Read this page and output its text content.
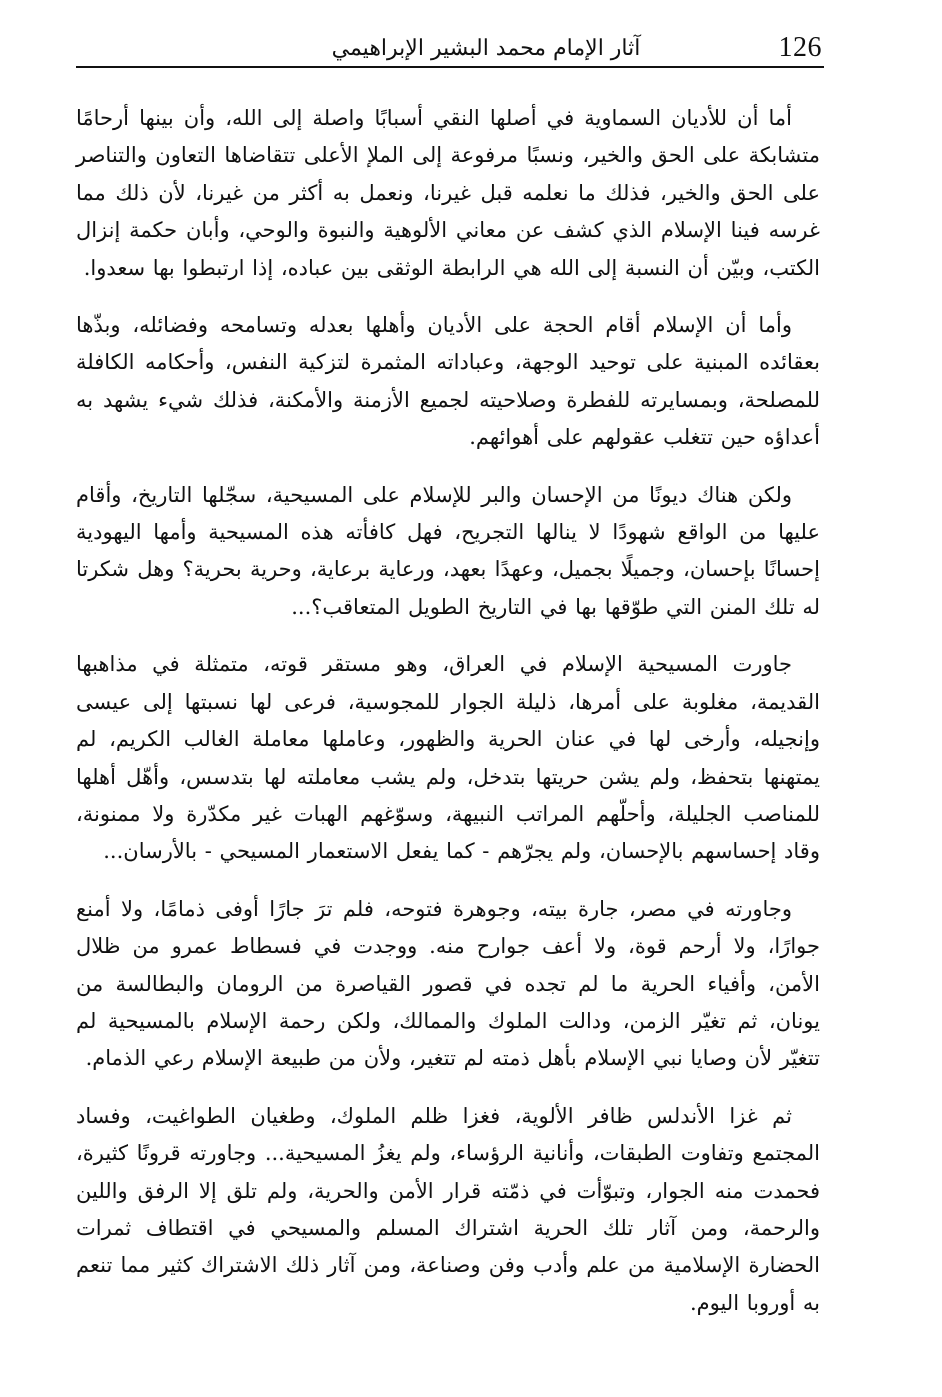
آثار الإمام محمد البشير الإبراهيمي	126

أما أن للأديان السماوية في أصلها النقي أسبابًا واصلة إلى الله، وأن بينها أرحامًا متشابكة على الحق والخير، ونسبًا مرفوعة إلى الملإ الأعلى تتقاضاها التعاون والتناصر على الحق والخير، فذلك ما نعلمه قبل غيرنا، ونعمل به أكثر من غيرنا، لأن ذلك مما غرسه فينا الإسلام الذي كشف عن معاني الألوهية والنبوة والوحي، وأبان حكمة إنزال الكتب، وبيّن أن النسبة إلى الله هي الرابطة الوثقى بين عباده، إذا ارتبطوا بها سعدوا.

وأما أن الإسلام أقام الحجة على الأديان وأهلها بعدله وتسامحه وفضائله، وبذّها بعقائده المبنية على توحيد الوجهة، وعباداته المثمرة لتزكية النفس، وأحكامه الكافلة للمصلحة، وبمسايرته للفطرة وصلاحيته لجميع الأزمنة والأمكنة، فذلك شيء يشهد به أعداؤه حين تتغلب عقولهم على أهوائهم.

ولكن هناك ديونًا من الإحسان والبر للإسلام على المسيحية، سجّلها التاريخ، وأقام عليها من الواقع شهودًا لا ينالها التجريح، فهل كافأته هذه المسيحية وأمها اليهودية إحسانًا بإحسان، وجميلًا بجميل، وعهدًا بعهد، ورعاية برعاية، وحرية بحرية؟ وهل شكرتا له تلك المنن التي طوّقها بها في التاريخ الطويل المتعاقب؟...

جاورت المسيحية الإسلام في العراق، وهو مستقر قوته، متمثلة في مذاهبها القديمة، مغلوبة على أمرها، ذليلة الجوار للمجوسية، فرعى لها نسبتها إلى عيسى وإنجيله، وأرخى لها في عنان الحرية والظهور، وعاملها معاملة الغالب الكريم، لم يمتهنها بتحفظ، ولم يشن حريتها بتدخل، ولم يشب معاملته لها بتدسس، وأهّل أهلها للمناصب الجليلة، وأحلّهم المراتب النبيهة، وسوّغهم الهبات غير مكدّرة ولا ممنونة، وقاد إحساسهم بالإحسان، ولم يجرّهم - كما يفعل الاستعمار المسيحي - بالأرسان...

وجاورته في مصر، جارة بيته، وجوهرة فتوحه، فلم ترَ جارًا أوفى ذمامًا، ولا أمنع جوارًا، ولا أرحم قوة، ولا أعف جوارح منه. ووجدت في فسطاط عمرو من ظلال الأمن، وأفياء الحرية ما لم تجده في قصور القياصرة من الرومان والبطالسة من يونان، ثم تغيّر الزمن، ودالت الملوك والممالك، ولكن رحمة الإسلام بالمسيحية لم تتغيّر لأن وصايا نبي الإسلام بأهل ذمته لم تتغير، ولأن من طبيعة الإسلام رعي الذمام.

ثم غزا الأندلس ظافر الألوية، فغزا ظلم الملوك، وطغيان الطواغيت، وفساد المجتمع وتفاوت الطبقات، وأنانية الرؤساء، ولم يغزُ المسيحية... وجاورته قرونًا كثيرة، فحمدت منه الجوار، وتبوّأت في ذمّته قرار الأمن والحرية، ولم تلق إلا الرفق واللين والرحمة، ومن آثار تلك الحرية اشتراك المسلم والمسيحي في اقتطاف ثمرات الحضارة الإسلامية من علم وأدب وفن وصناعة، ومن آثار ذلك الاشتراك كثير مما تنعم به أوروبا اليوم.
